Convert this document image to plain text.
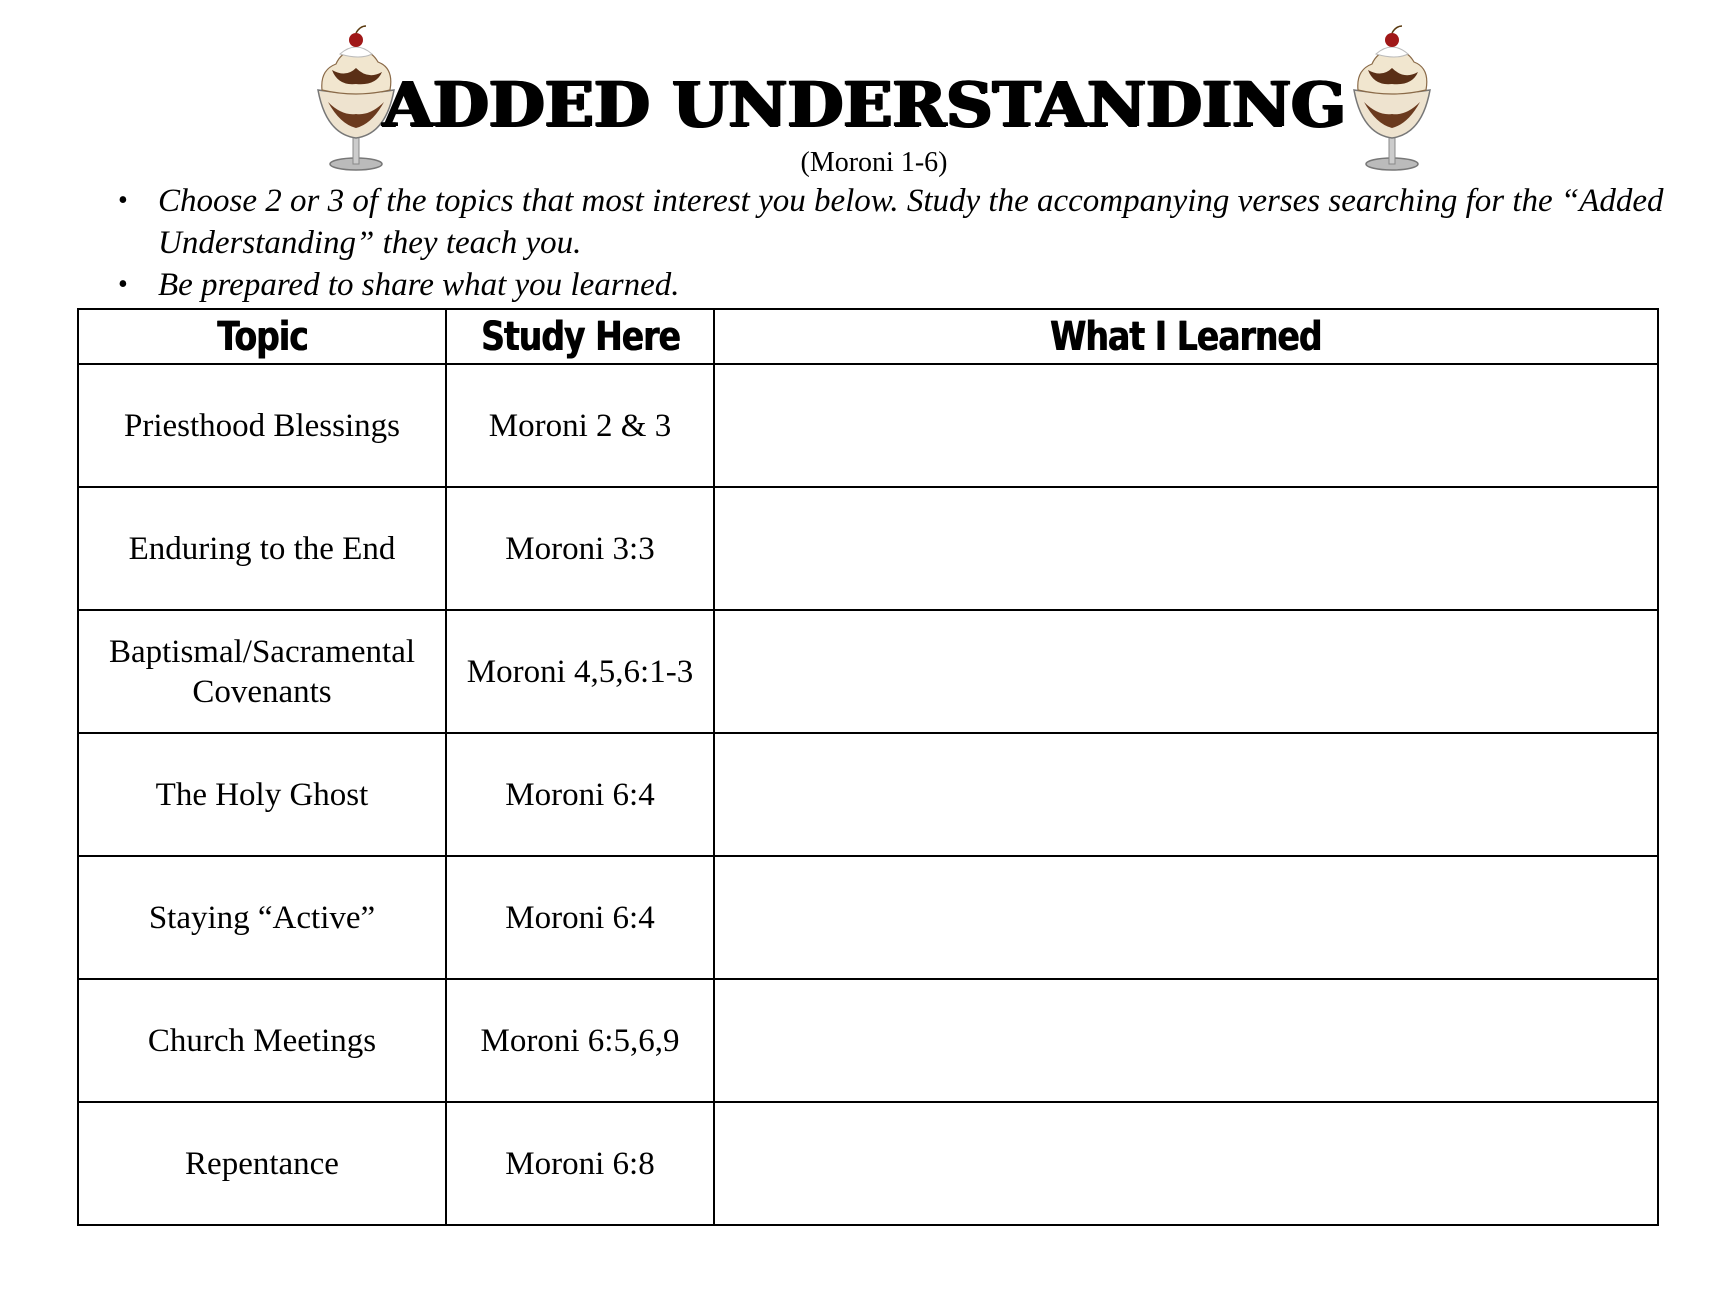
ADDED UNDERSTANDING
(Moroni 1-6)
• Choose 2 or 3 of the topics that most interest you below. Study the accompanying verses searching for the “Added Understanding” they teach you.
• Be prepared to share what you learned.
Topic	Study Here	What I Learned
Priesthood Blessings	Moroni 2 & 3	
Enduring to the End	Moroni 3:3	
Baptismal/Sacramental Covenants	Moroni 4,5,6:1-3	
The Holy Ghost	Moroni 6:4	
Staying “Active”	Moroni 6:4	
Church Meetings	Moroni 6:5,6,9	
Repentance	Moroni 6:8	
